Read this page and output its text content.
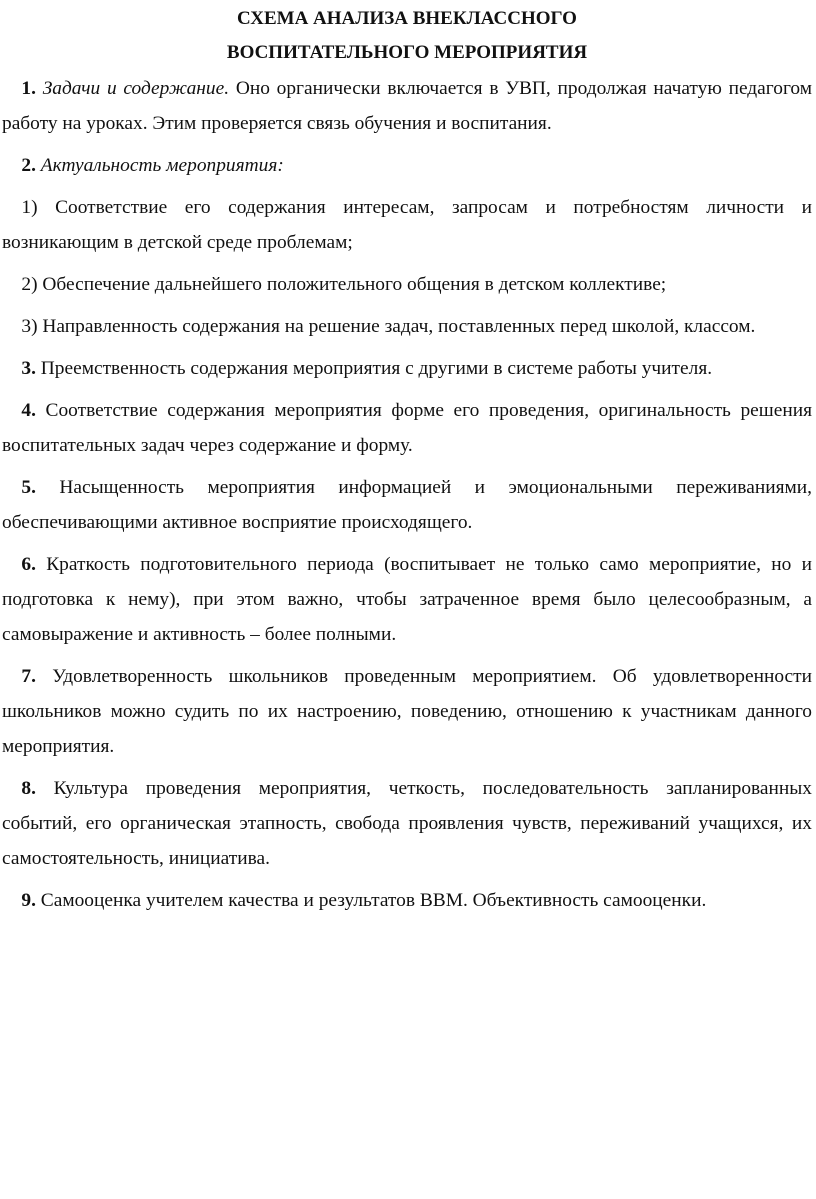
СХЕМА АНАЛИЗА ВНЕКЛАССНОГО

ВОСПИТАТЕЛЬНОГО МЕРОПРИЯТИЯ

1. Задачи и содержание. Оно органически включается в УВП, продолжая начатую педагогом работу на уроках. Этим проверяется связь обучения и воспитания.

2. Актуальность мероприятия:

1) Соответствие его содержания интересам, запросам и потребностям личности и возникающим в детской среде проблемам;

2) Обеспечение дальнейшего положительного общения в детском коллективе;

3) Направленность содержания на решение задач, поставленных перед школой, классом.

3. Преемственность содержания мероприятия с другими в системе работы учителя.

4. Соответствие содержания мероприятия форме его проведения, оригинальность решения воспитательных задач через содержание и форму.

5. Насыщенность мероприятия информацией и эмоциональными переживаниями, обеспечивающими активное восприятие происходящего.

6. Краткость подготовительного периода (воспитывает не только само мероприятие, но и подготовка к нему), при этом важно, чтобы затраченное время было целесообразным, а самовыражение и активность – более полными.

7. Удовлетворенность школьников проведенным мероприятием. Об удовлетворенности школьников можно судить по их настроению, поведению, отношению к участникам данного мероприятия.

8. Культура проведения мероприятия, четкость, последовательность запланированных событий, его органическая этапность, свобода проявления чувств, переживаний учащихся, их самостоятельность, инициатива.

9. Самооценка учителем качества и результатов ВВМ. Объективность самооценки.
